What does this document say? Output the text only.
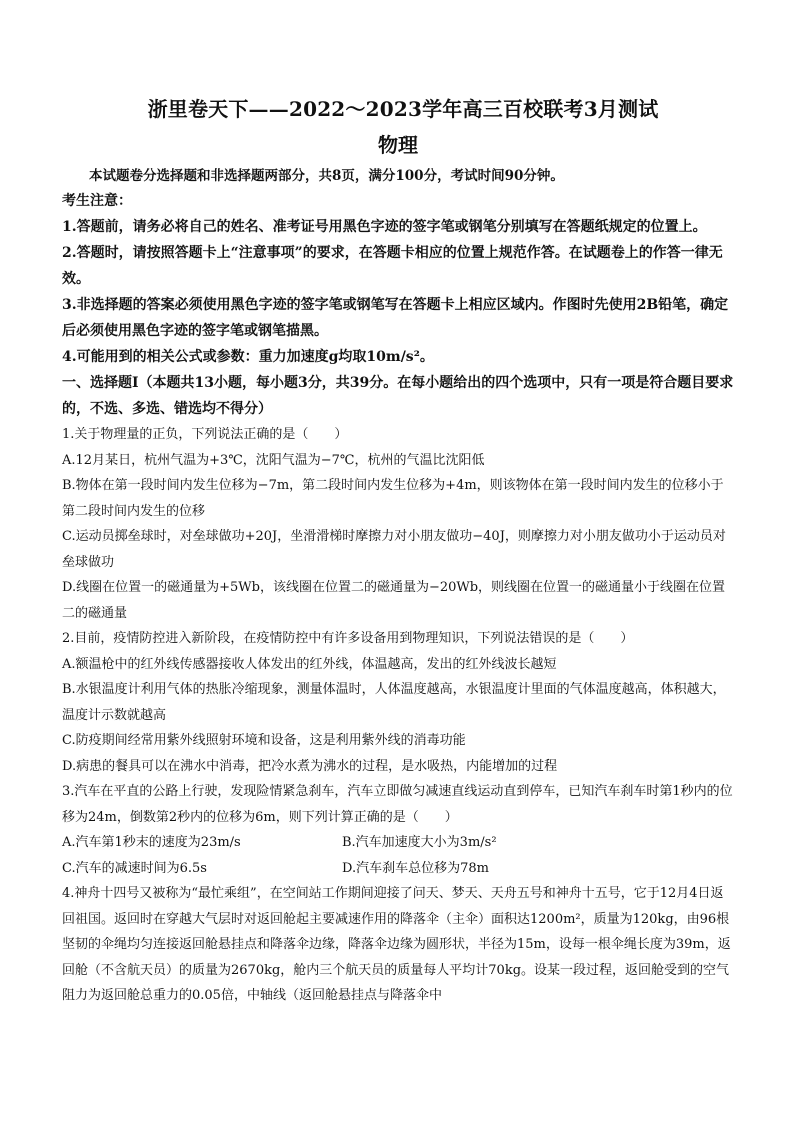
浙里卷天下——2022～2023学年高三百校联考3月测试
物理

本试题卷分选择题和非选择题两部分，共8页，满分100分，考试时间90分钟。

考生注意：

1.答题前，请务必将自己的姓名、准考证号用黑色字迹的签字笔或钢笔分别填写在答题纸规定的位置上。

2.答题时，请按照答题卡上“注意事项”的要求，在答题卡相应的位置上规范作答。在试题卷上的作答一律无效。

3.非选择题的答案必须使用黑色字迹的签字笔或钢笔写在答题卡上相应区域内。作图时先使用2B铅笔，确定后必须使用黑色字迹的签字笔或钢笔描黑。

4.可能用到的相关公式或参数：重力加速度g均取10m/s²。

一、选择题Ⅰ（本题共13小题，每小题3分，共39分。在每小题给出的四个选项中，只有一项是符合题目要求的，不选、多选、错选均不得分）

1.关于物理量的正负，下列说法正确的是（　　）

A.12月某日，杭州气温为+3℃，沈阳气温为−7℃，杭州的气温比沈阳低

B.物体在第一段时间内发生位移为−7m，第二段时间内发生位移为+4m，则该物体在第一段时间内发生的位移小于第二段时间内发生的位移

C.运动员掷垒球时，对垒球做功+20J，坐滑滑梯时摩擦力对小朋友做功−40J，则摩擦力对小朋友做功小于运动员对垒球做功

D.线圈在位置一的磁通量为+5Wb，该线圈在位置二的磁通量为−20Wb，则线圈在位置一的磁通量小于线圈在位置二的磁通量

2.目前，疫情防控进入新阶段，在疫情防控中有许多设备用到物理知识，下列说法错误的是（　　）

A.额温枪中的红外线传感器接收人体发出的红外线，体温越高，发出的红外线波长越短

B.水银温度计利用气体的热胀冷缩现象，测量体温时，人体温度越高，水银温度计里面的气体温度越高，体积越大，温度计示数就越高

C.防疫期间经常用紫外线照射环境和设备，这是利用紫外线的消毒功能

D.病患的餐具可以在沸水中消毒，把冷水煮为沸水的过程，是水吸热，内能增加的过程

3.汽车在平直的公路上行驶，发现险情紧急刹车，汽车立即做匀减速直线运动直到停车，已知汽车刹车时第1秒内的位移为24m，倒数第2秒内的位移为6m，则下列计算正确的是（　　）

A.汽车第1秒末的速度为23m/s	B.汽车加速度大小为3m/s²
C.汽车的减速时间为6.5s	D.汽车刹车总位移为78m

4.神舟十四号又被称为“最忙乘组”，在空间站工作期间迎接了问天、梦天、天舟五号和神舟十五号，它于12月4日返回祖国。返回时在穿越大气层时对返回舱起主要减速作用的降落伞（主伞）面积达1200m²，质量为120kg，由96根坚韧的伞绳均匀连接返回舱悬挂点和降落伞边缘，降落伞边缘为圆形状，半径为15m，设每一根伞绳长度为39m，返回舱（不含航天员）的质量为2670kg，舱内三个航天员的质量每人平均计70kg。设某一段过程，返回舱受到的空气阻力为返回舱总重力的0.05倍，中轴线（返回舱悬挂点与降落伞中
